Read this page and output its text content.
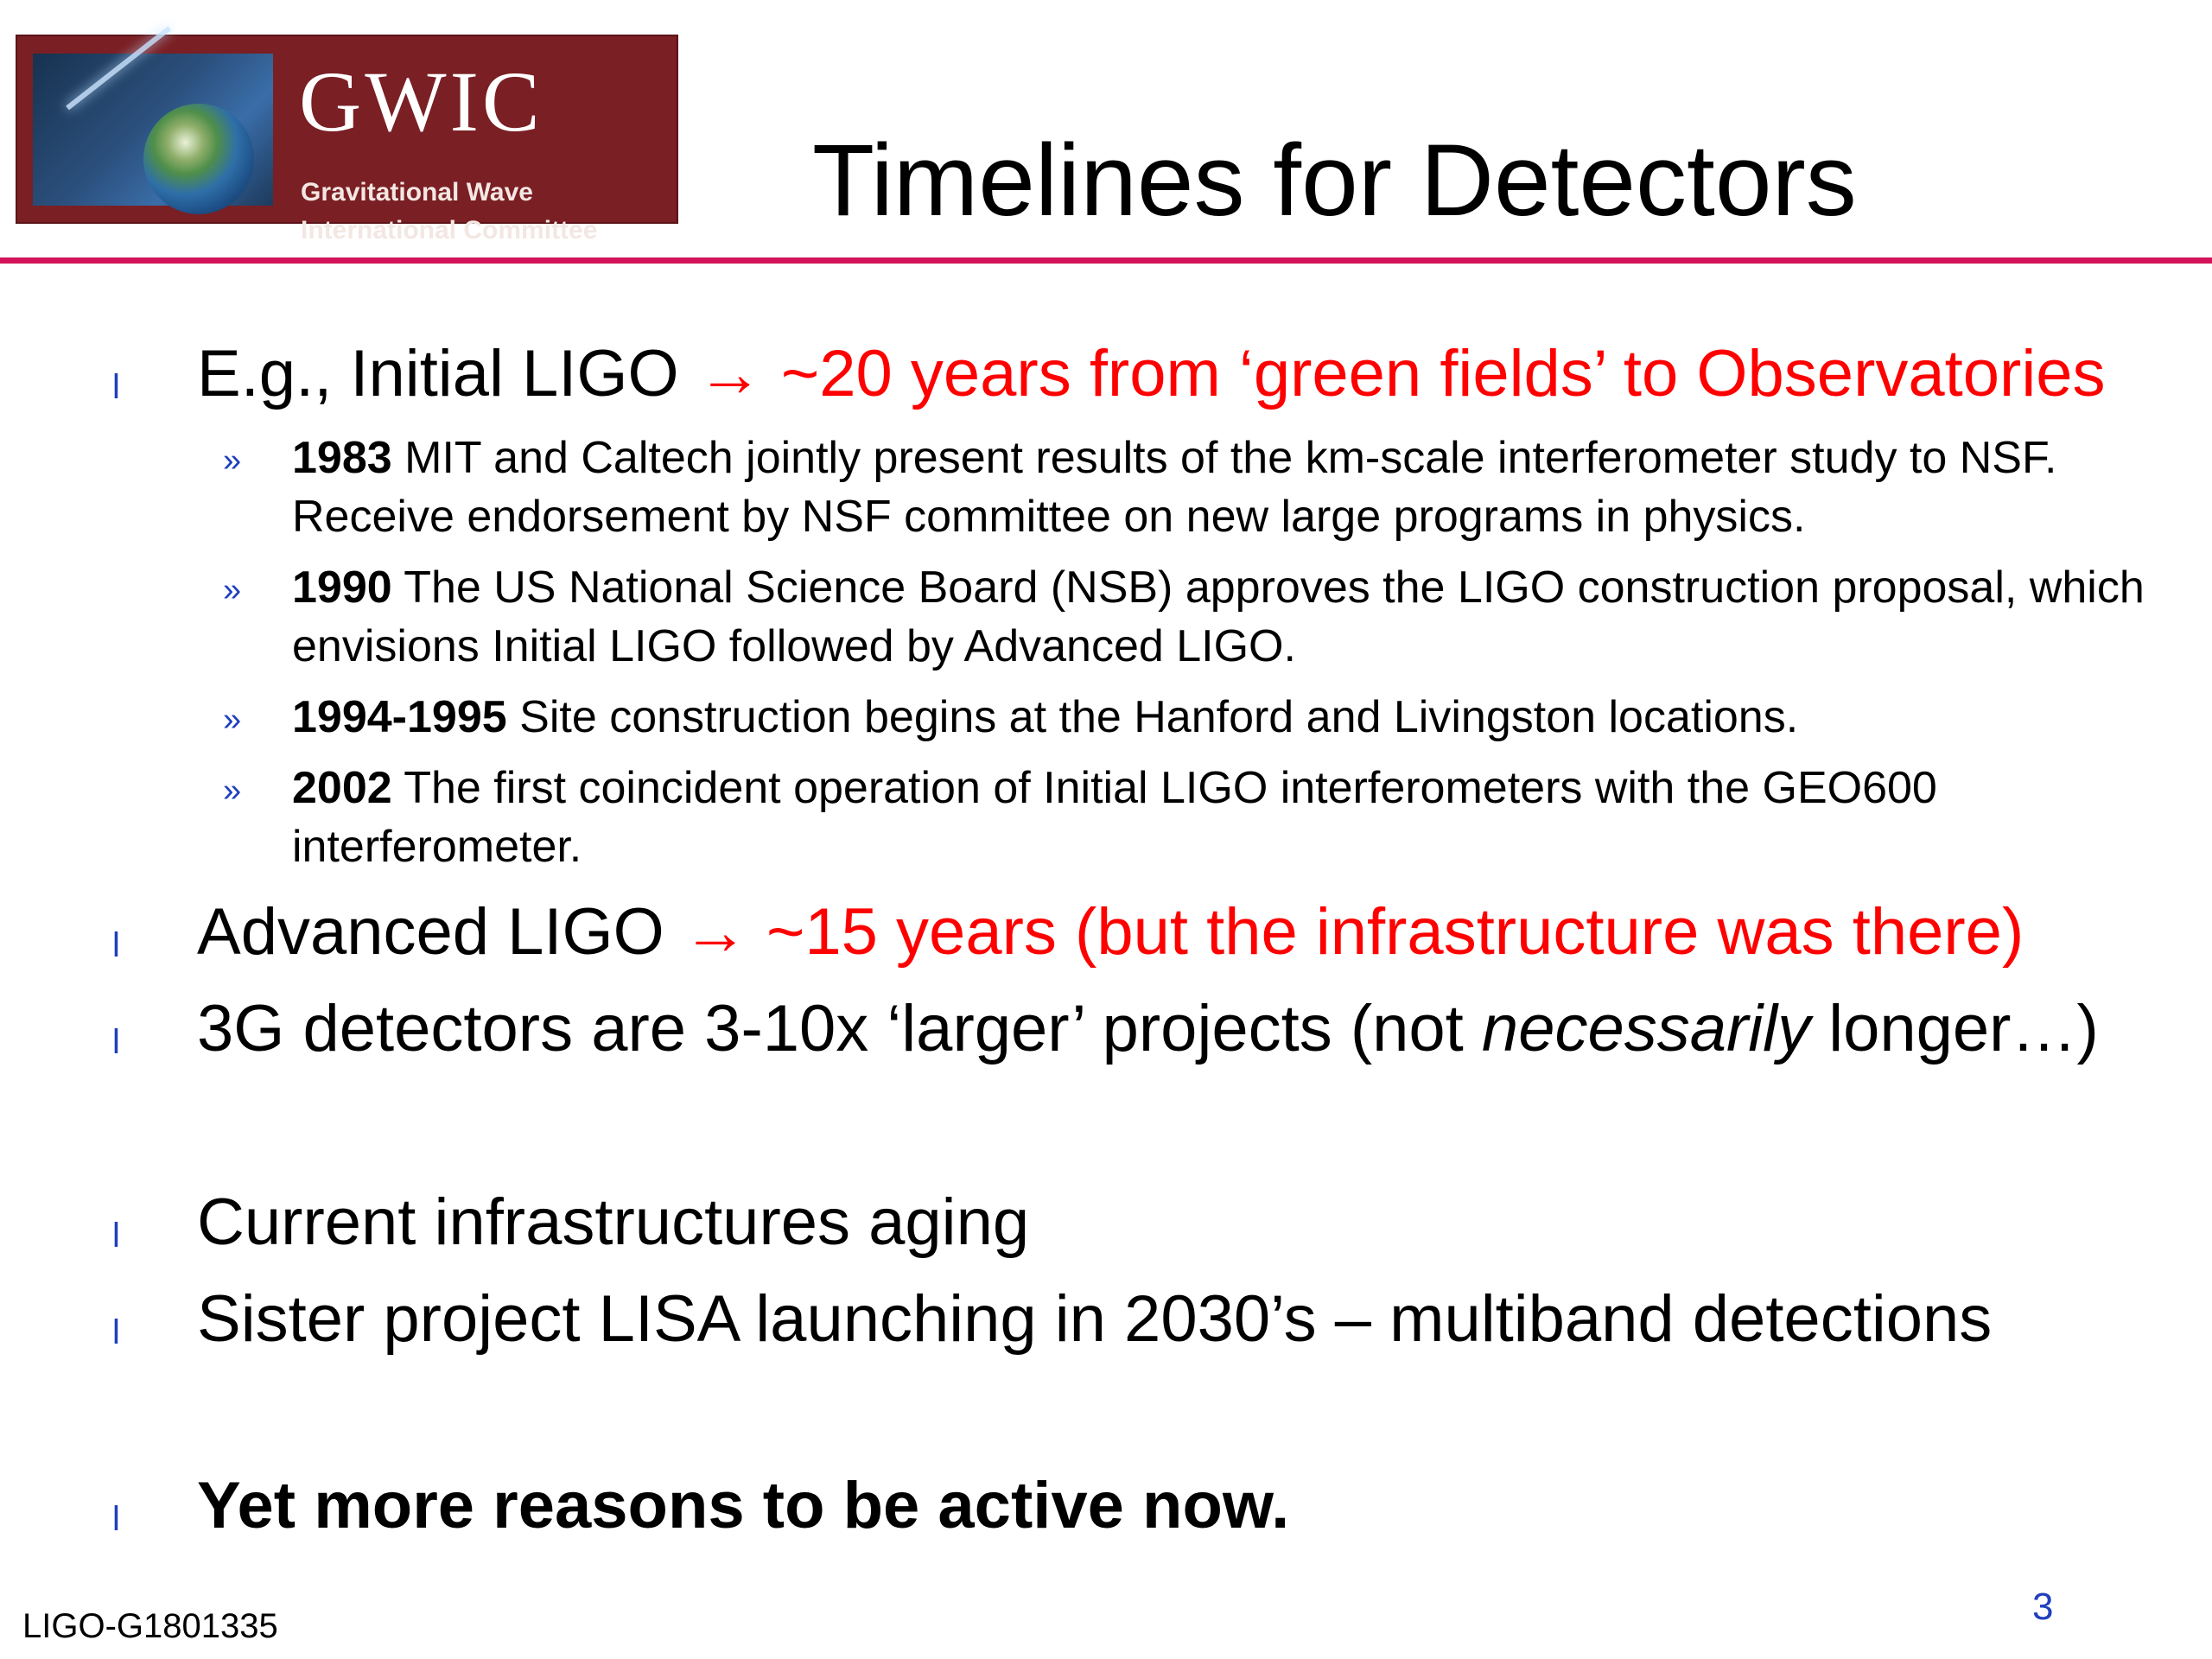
GWIC
Gravitational Wave
International Committee Timelines for Detectors
l E.g., Initial LIGO → ~20 years from ‘green fields’ to Observatories
» 1983 MIT and Caltech jointly present results of the km-scale interferometer study to NSF. Receive endorsement by NSF committee on new large programs in physics.
» 1990 The US National Science Board (NSB) approves the LIGO construction proposal, which envisions Initial LIGO followed by Advanced LIGO.
» 1994-1995 Site construction begins at the Hanford and Livingston locations.
» 2002 The first coincident operation of Initial LIGO interferometers with the GEO600 interferometer.
l Advanced LIGO → ~15 years (but the infrastructure was there)
l 3G detectors are 3-10x ‘larger’ projects (not necessarily longer…)
l Current infrastructures aging
l Sister project LISA launching in 2030’s – multiband detections
l Yet more reasons to be active now.
LIGO-G1801335	3
